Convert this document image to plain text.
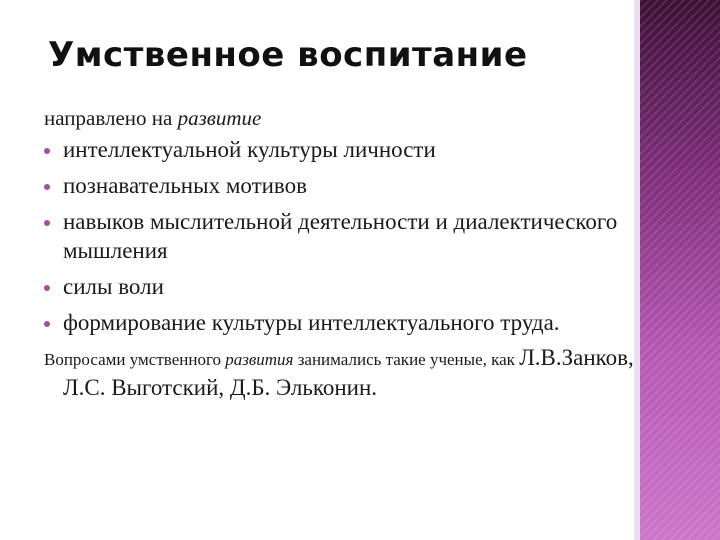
Умственное воспитание

направлено на развитие

интеллектуальной культуры личности
познавательных мотивов
навыков мыслительной деятельности и диалектического мышления
силы воли
формирование культуры интеллектуального труда.

Вопросами умственного развития занимались такие ученые, как Л.В.Занков, Л.С. Выготский, Д.Б. Эльконин.
